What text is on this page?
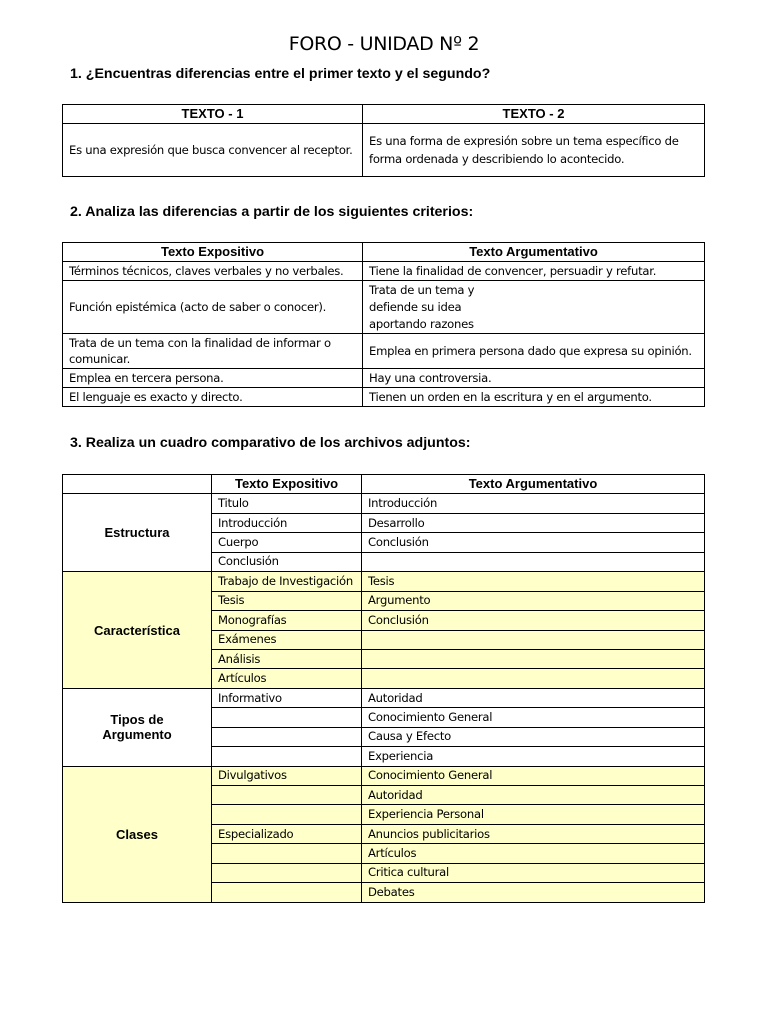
FORO - UNIDAD Nº 2
1. ¿Encuentras diferencias entre el primer texto y el segundo?
TEXTO - 1	TEXTO - 2
Es una expresión que busca convencer al receptor.	Es una forma de expresión sobre un tema específico de forma ordenada y describiendo lo acontecido.
2. Analiza las diferencias a partir de los siguientes criterios:
Texto Expositivo	Texto Argumentativo
Términos técnicos, claves verbales y no verbales.	Tiene la finalidad de convencer, persuadir y refutar.
Función epistémica (acto de saber o conocer).	Trata de un tema y
defiende su idea
aportando razones
Trata de un tema con la finalidad de informar o comunicar.	Emplea en primera persona dado que expresa su opinión.
Emplea en tercera persona.	Hay una controversia.
El lenguaje es exacto y directo.	Tienen un orden en la escritura y en el argumento.
3. Realiza un cuadro comparativo de los archivos adjuntos:
	Texto Expositivo	Texto Argumentativo
Estructura	Titulo	Introducción
	Introducción	Desarrollo
	Cuerpo	Conclusión
	Conclusión	
Característica	Trabajo de Investigación	Tesis
	Tesis	Argumento
	Monografías	Conclusión
	Exámenes	
	Análisis	
	Artículos	
Tipos de
Argumento	Informativo	Autoridad
		Conocimiento General
		Causa y Efecto
		Experiencia
Clases	Divulgativos	Conocimiento General
		Autoridad
		Experiencia Personal
	Especializado	Anuncios publicitarios
		Artículos
		Critica cultural
		Debates
